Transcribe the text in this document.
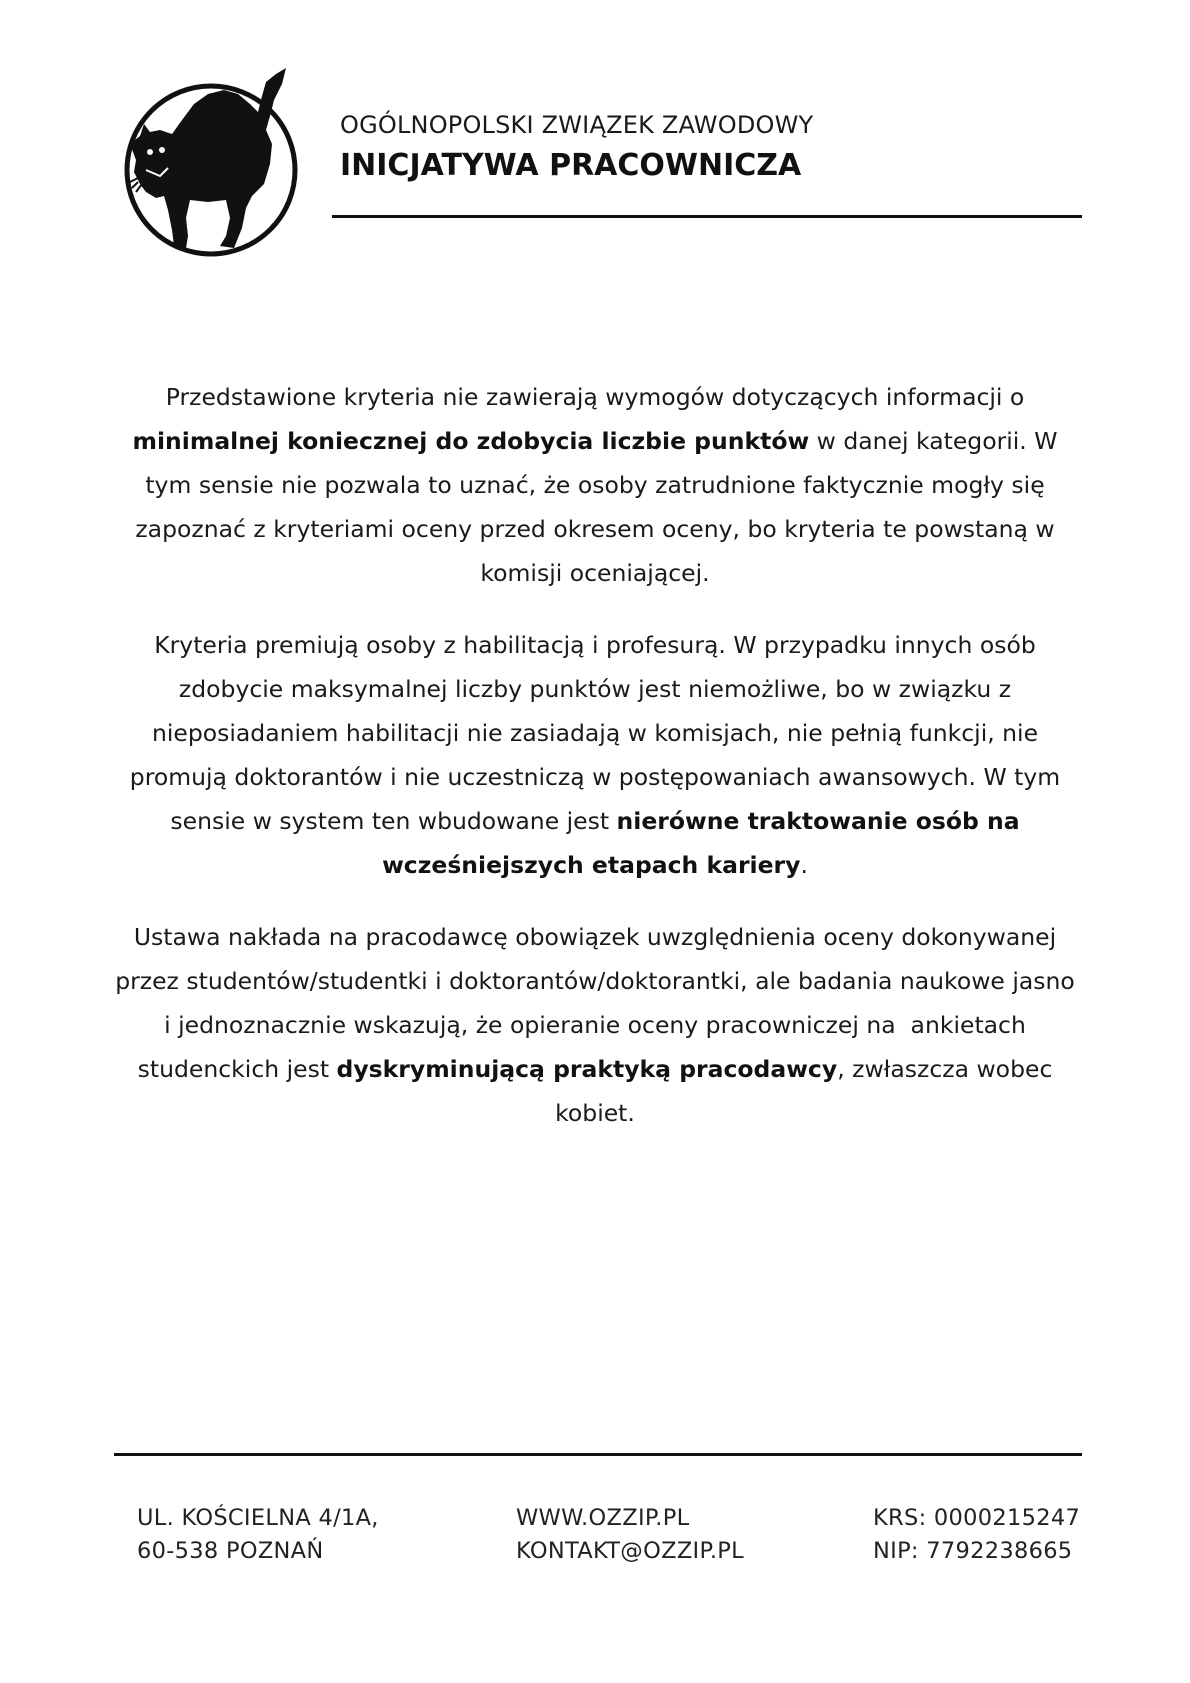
OGÓLNOPOLSKI ZWIĄZEK ZAWODOWY
INICJATYWA PRACOWNICZA

Przedstawione kryteria nie zawierają wymogów dotyczących informacji o minimalnej koniecznej do zdobycia liczbie punktów w danej kategorii. W tym sensie nie pozwala to uznać, że osoby zatrudnione faktycznie mogły się zapoznać z kryteriami oceny przed okresem oceny, bo kryteria te powstaną w komisji oceniającej.

Kryteria premiują osoby z habilitacją i profesurą. W przypadku innych osób zdobycie maksymalnej liczby punktów jest niemożliwe, bo w związku z nieposiadaniem habilitacji nie zasiadają w komisjach, nie pełnią funkcji, nie promują doktorantów i nie uczestniczą w postępowaniach awansowych. W tym sensie w system ten wbudowane jest nierówne traktowanie osób na wcześniejszych etapach kariery.

Ustawa nakłada na pracodawcę obowiązek uwzględnienia oceny dokonywanej przez studentów/studentki i doktorantów/doktorantki, ale badania naukowe jasno i jednoznacznie wskazują, że opieranie oceny pracowniczej na  ankietach studenckich jest dyskryminującą praktyką pracodawcy, zwłaszcza wobec kobiet.

UL. KOŚCIELNA 4/1A,
60-538 POZNAŃ
WWW.OZZIP.PL
KONTAKT@OZZIP.PL
KRS: 0000215247
NIP: 7792238665
